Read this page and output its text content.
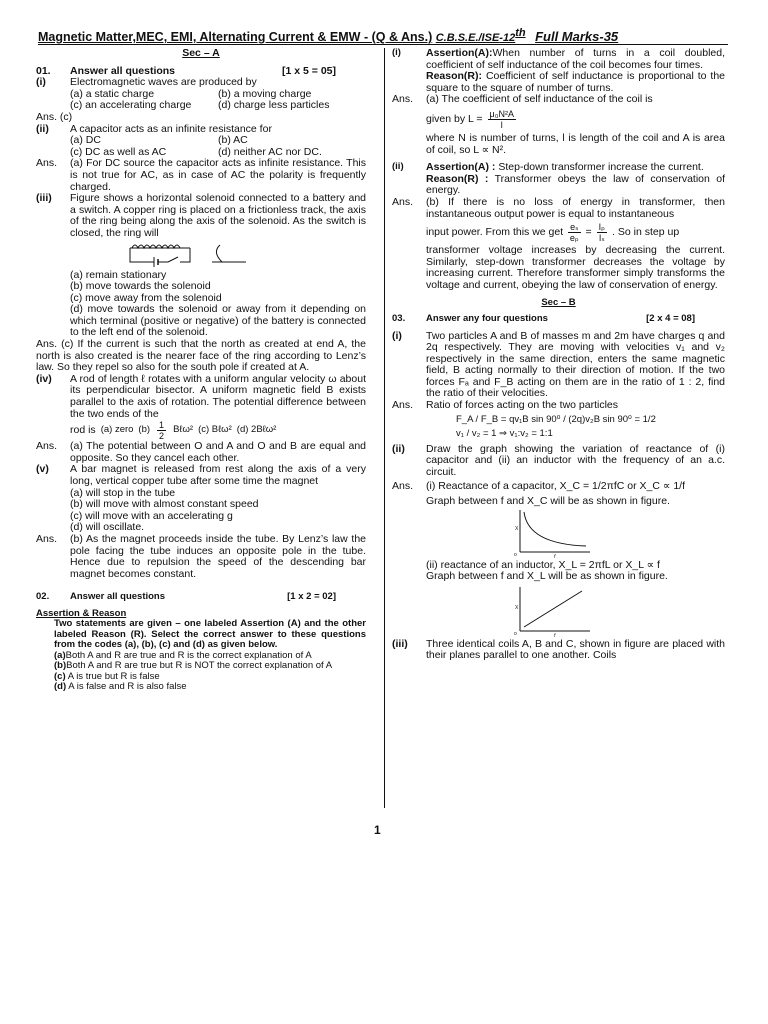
Magnetic Matter,MEC, EMI, Alternating Current & EMW - (Q & Ans.) C.B.S.E./ISE-12th Full Marks-35
Sec – A
01.	Answer all questions	[1 x 5 = 05]
(i)	Electromagnetic waves are produced by
(a) a static charge	(b) a moving charge
(c) an accelerating charge	(d) charge less particles
Ans. (c)
(ii)	A capacitor acts as an infinite resistance for
(a) DC	(b) AC
(c) DC as well as AC	(d) neither AC nor DC.
Ans.	(a) For DC source the capacitor acts as infinite resistance. This is not true for AC, as in case of AC the polarity is frequently charged.
(iii)	Figure shows a horizontal solenoid connected to a battery and a switch. A copper ring is placed on a frictionless track, the axis of the ring being along the axis of the solenoid. As the switch is closed, the ring will
(a) remain stationary
(b) move towards the solenoid
(c) move away from the solenoid
(d) move towards the solenoid or away from it depending on which terminal (positive or negative) of the battery is connected to the left end of the solenoid.
Ans. (c) If the current is such that the north as created at end A, the north is also created is the nearer face of the ring according to Lenz’s law. So they repel so also for the south pole if created at A.
(iv)	A rod of length ℓ rotates with a uniform angular velocity ω about its perpendicular bisector. A uniform magnetic field B exists parallel to the axis of rotation. The potential difference between the two ends of the
rod is (a) zero $(b) \frac{1}{2}$ Bℓω² (c) Bℓω² (d) 2Bℓω²
Ans.	(a) The potential between O and A and O and B are equal and opposite. So they cancel each other.
(v)	A bar magnet is released from rest along the axis of a very long, vertical copper tube after some time the magnet
(a) will stop in the tube
(b) will move with almost constant speed
(c) will move with an accelerating g
(d) will oscillate.
Ans.	(b) As the magnet proceeds inside the tube. By Lenz’s law the pole facing the tube induces an opposite pole in the tube. Hence due to repulsion the speed of the descending bar magnet becomes constant.
02.	Answer all questions	[1 x 2 = 02]
Assertion & Reason
Two statements are given – one labeled Assertion (A) and the other labeled Reason (R). Select the correct answer to these questions from the codes (a), (b), (c) and (d) as given below.
(a)Both A and R are true and R is the correct explanation of A
(b)Both A and R are true but R is NOT the correct explanation of A
(c) A is true but R is false
(d) A is false and R is also false
(i)	Assertion(A):When number of turns in a coil doubled, coefficient of self inductance of the coil becomes four times.
Reason(R): Coefficient of self inductance is proportional to the square to the square of number of turns.
Ans.	(a) The coefficient of self inductance of the coil is

given by $L = \frac{\text{μ₀N²A}}{l}$

where N is number of turns, l is length of the coil and A is area of coil, so L ∝ N².
(ii)	Assertion(A) : Step-down transformer increase the current.
Reason(R) : Transformer obeys the law of conservation of energy.
Ans.	(b) If there is no loss of energy in transformer, then instantaneous output power is equal to instantaneous

input power. From this we get $\frac{\text{eₛ}}{\text{eₚ}} = \frac{\text{Iₚ}}{\text{Iₛ}}$ . So in step up

transformer voltage increases by decreasing the current. Similarly, step-down transformer decreases the voltage by increasing current. Therefore transformer simply transforms the voltage and current, obeying the law of conservation of energy.
Sec – B
03.	Answer any four questions	[2 x 4 = 08]
(i)	Two particles A and B of masses m and 2m have charges q and 2q respectively. They are moving with velocities v₁ and v₂ respectively in the same direction, enters the same magnetic field, B acting normally to their direction of motion. If the two forces Fₐ and F_B acting on them are in the ratio of 1 : 2, find the ratio of their velocities.
Ans.	Ratio of forces acting on the two particles
F_A / F_B = qv₁B sin 90⁰ / (2q)v₂B sin 90⁰ = 1/2
v₁ / v₂ = 1 ⇒ v₁:v₂ = 1:1
(ii)	Draw the graph showing the variation of reactance of (i) capacitor and (ii) an inductor with the frequency of an a.c. circuit.
Ans.	(i) Reactance of a capacitor, X_C = 1/2πfC or X_C ∝ 1/f
Graph between f and X_C will be as shown in figure.
o
X
f
(ii) reactance of an inductor, X_L = 2πfL or X_L ∝ f
Graph between f and X_L will be as shown in figure.
o
X
f
(iii)	Three identical coils A, B and C, shown in figure are placed with their planes parallel to one another. Coils
1
